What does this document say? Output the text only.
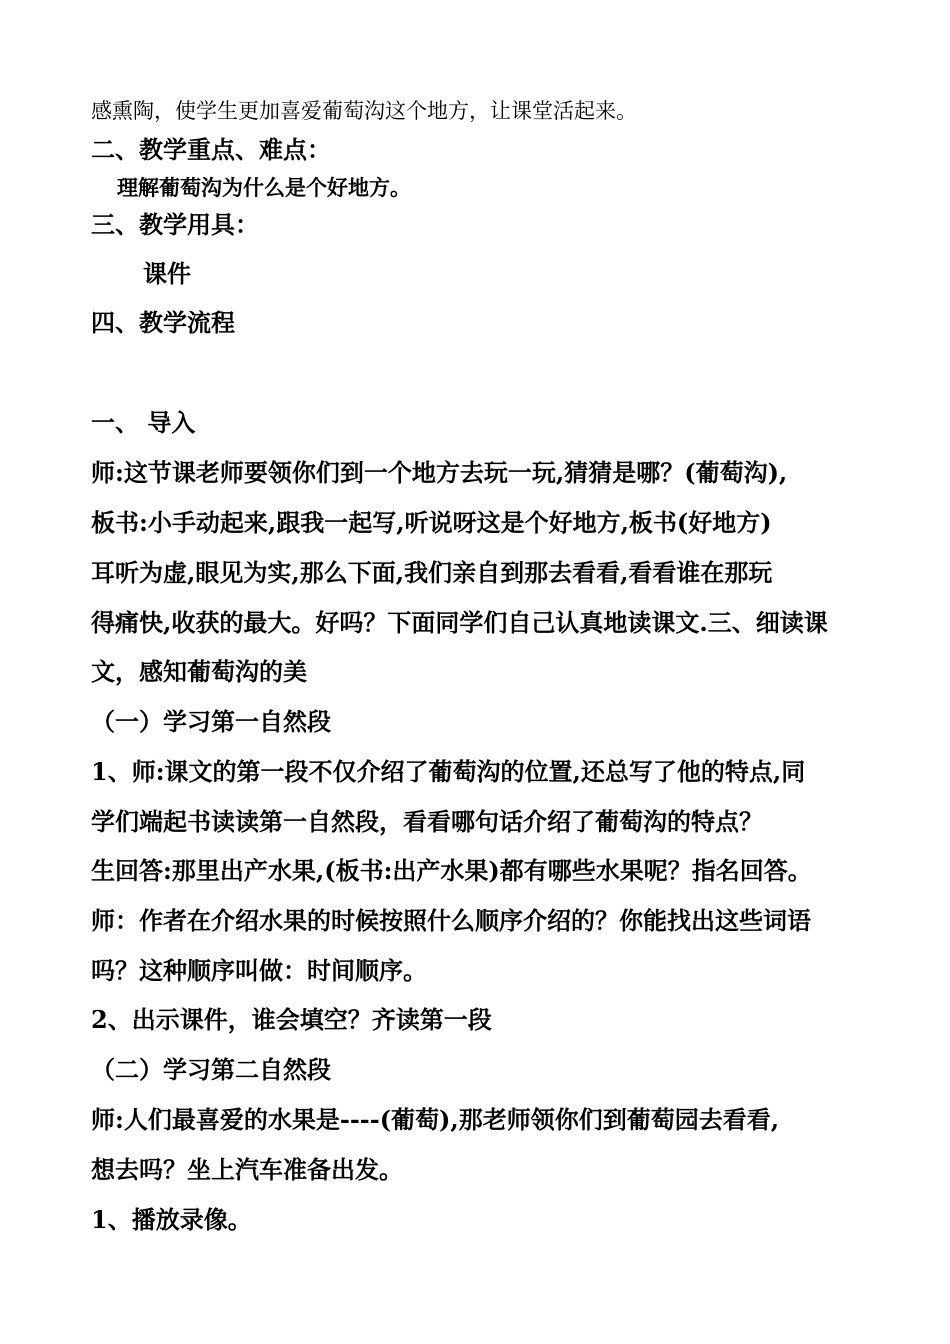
感熏陶，使学生更加喜爱葡萄沟这个地方，让课堂活起来。
二、教学重点、难点：
理解葡萄沟为什么是个好地方。
三、教学用具：
课件
四、教学流程
一、 导入
师:这节课老师要领你们到一个地方去玩一玩,猜猜是哪？(葡萄沟),
板书:小手动起来,跟我一起写,听说呀这是个好地方,板书(好地方)
耳听为虚,眼见为实,那么下面,我们亲自到那去看看,看看谁在那玩
得痛快,收获的最大。好吗？下面同学们自己认真地读课文.三、细读课
文，感知葡萄沟的美
（一）学习第一自然段
1、师:课文的第一段不仅介绍了葡萄沟的位置,还总写了他的特点,同
学们端起书读读第一自然段，看看哪句话介绍了葡萄沟的特点？
生回答:那里出产水果,(板书:出产水果)都有哪些水果呢？指名回答。
师：作者在介绍水果的时候按照什么顺序介绍的？你能找出这些词语
吗？这种顺序叫做：时间顺序。
2、出示课件，谁会填空？齐读第一段
（二）学习第二自然段
师:人们最喜爱的水果是----(葡萄),那老师领你们到葡萄园去看看,
想去吗？坐上汽车准备出发。
1、播放录像。
